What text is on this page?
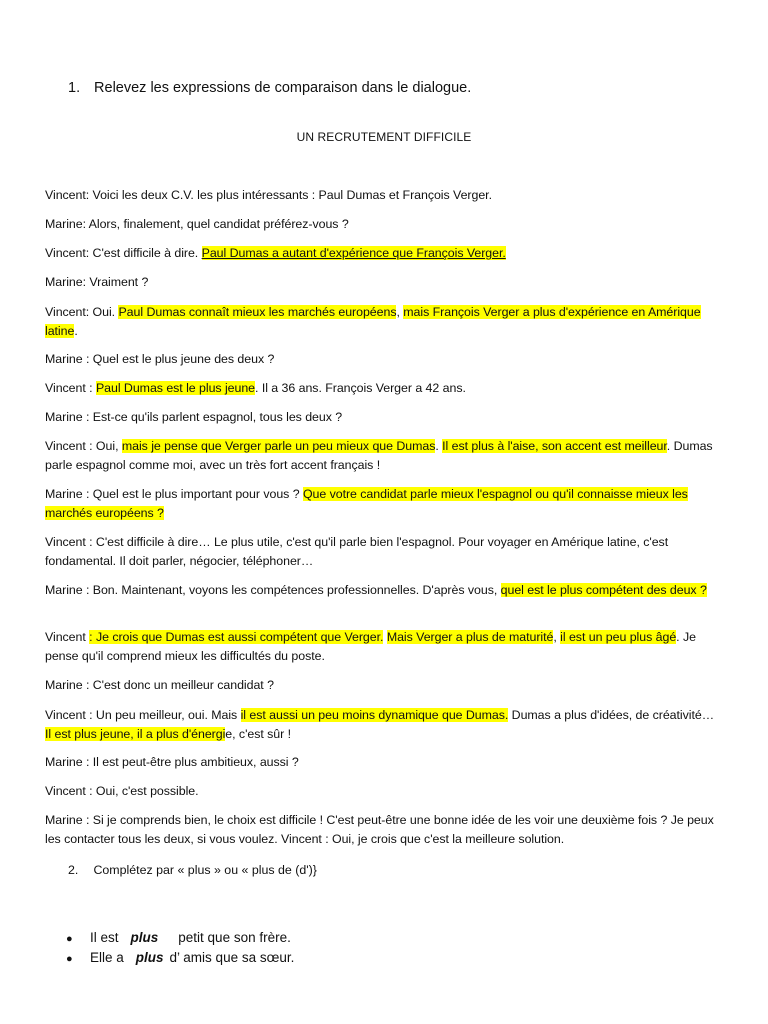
1. Relevez les expressions de comparaison dans le dialogue.
UN RECRUTEMENT DIFFICILE
Vincent: Voici les deux C.V. les plus intéressants : Paul Dumas et François Verger.
Marine: Alors, finalement, quel candidat préférez-vous ?
Vincent: C'est difficile à dire. Paul Dumas a autant d'expérience que François Verger.
Marine: Vraiment ?
Vincent: Oui. Paul Dumas connaît mieux les marchés européens, mais François Verger a plus d'expérience en Amérique latine.
Marine : Quel est le plus jeune des deux ?
Vincent : Paul Dumas est le plus jeune. Il a 36 ans. François Verger a 42 ans.
Marine : Est-ce qu'ils parlent espagnol, tous les deux ?
Vincent : Oui, mais je pense que Verger parle un peu mieux que Dumas. Il est plus à l'aise, son accent est meilleur. Dumas parle espagnol comme moi, avec un très fort accent français !
Marine : Quel est le plus important pour vous ? Que votre candidat parle mieux l'espagnol ou qu'il connaisse mieux les marchés européens ?
Vincent : C'est difficile à dire… Le plus utile, c'est qu'il parle bien l'espagnol. Pour voyager en Amérique latine, c'est fondamental. Il doit parler, négocier, téléphoner…
Marine : Bon. Maintenant, voyons les compétences professionnelles. D'après vous, quel est le plus compétent des deux ?
Vincent : Je crois que Dumas est aussi compétent que Verger. Mais Verger a plus de maturité, il est un peu plus âgé. Je pense qu'il comprend mieux les difficultés du poste.
Marine : C'est donc un meilleur candidat ?
Vincent : Un peu meilleur, oui. Mais il est aussi un peu moins dynamique que Dumas. Dumas a plus d'idées, de créativité… Il est plus jeune, il a plus d'énergie, c'est sûr !
Marine : Il est peut-être plus ambitieux, aussi ?
Vincent : Oui, c'est possible.
Marine : Si je comprends bien, le choix est difficile ! C'est peut-être une bonne idée de les voir une deuxième fois ? Je peux les contacter tous les deux, si vous voulez. Vincent : Oui, je crois que c'est la meilleure solution.
2. Complétez par « plus » ou « plus de (d')}
● Il est plus petit que son frère.
● Elle a plus d’ amis que sa sœur.
